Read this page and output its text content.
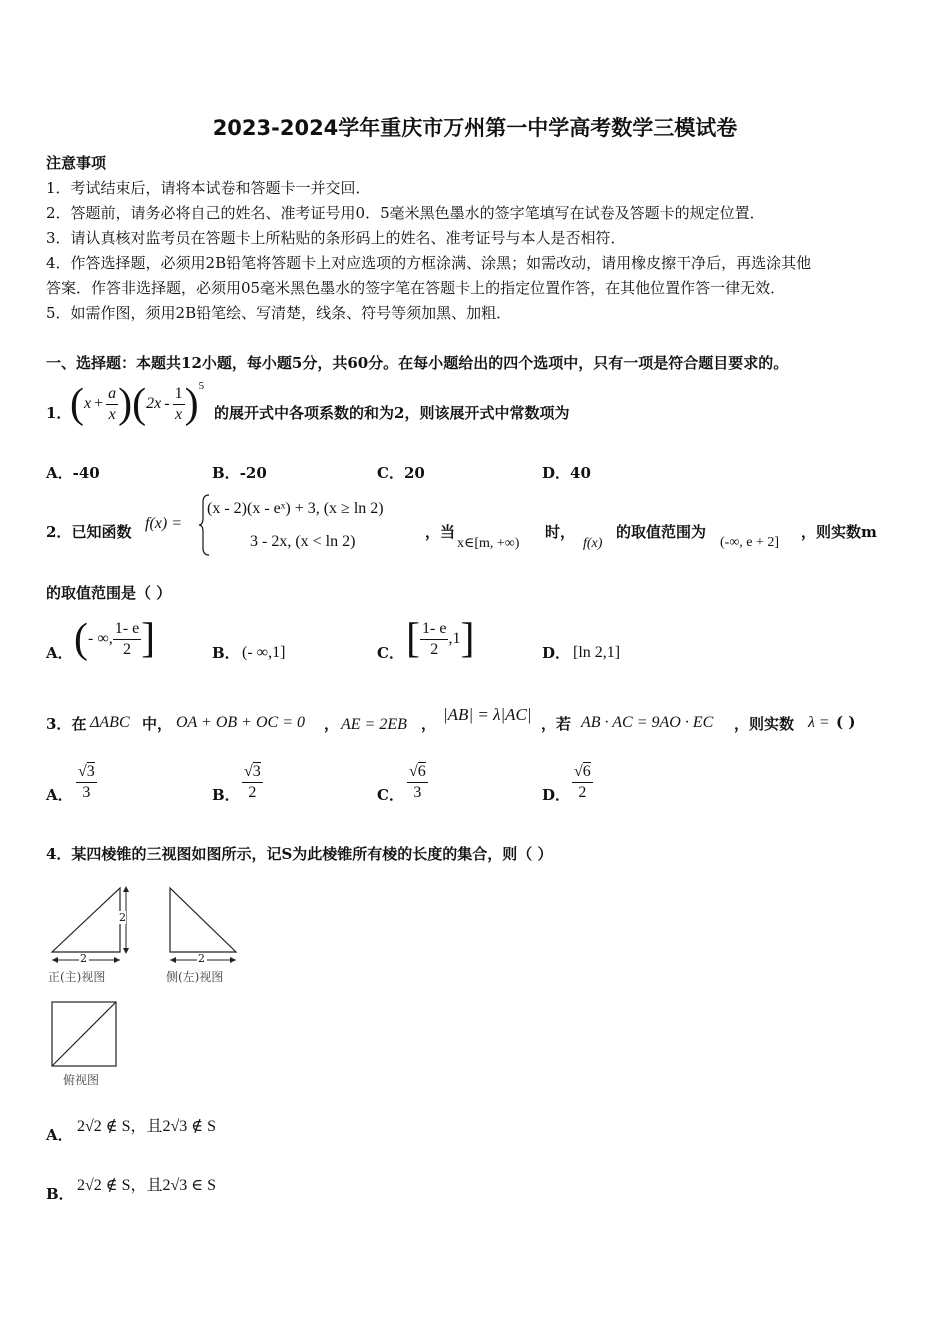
2023-2024学年重庆市万州第一中学高考数学三模试卷
注意事项
1．考试结束后，请将本试卷和答题卡一并交回．
2．答题前，请务必将自己的姓名、准考证号用0．5毫米黑色墨水的签字笔填写在试卷及答题卡的规定位置．
3．请认真核对监考员在答题卡上所粘贴的条形码上的姓名、准考证号与本人是否相符．
4．作答选择题，必须用2B铅笔将答题卡上对应选项的方框涂满、涂黑；如需改动，请用橡皮擦干净后，再选涂其他
答案．作答非选择题，必须用05毫米黑色墨水的签字笔在答题卡上的指定位置作答，在其他位置作答一律无效．
5．如需作图，须用2B铅笔绘、写清楚，线条、符号等须加黑、加粗．
一、选择题：本题共12小题，每小题5分，共60分。在每小题给出的四个选项中，只有一项是符合题目要求的。
1．
( $x + \frac{a}{x}$ ) ( $2x - \frac{1}{x}$ ) 5
的展开式中各项系数的和为2，则该展开式中常数项为
A．-40	B．-20	C．20	D．40
2．已知函数 f(x) =
(x - 2)(x - eˣ) + 3, (x ≥ ln 2)
3 - 2x, (x < ln 2)
，当
x∈[m, +∞)
时，
f(x)
的取值范围为
(-∞, e + 2]
，则实数m
的取值范围是（ ）
A． ( - ∞, $\frac{1- e}{2}$ ]	B． (- ∞,1]	C． [ $\frac{1- e}{2} ,1$ ]	D． [ln 2,1]
3．在 ΔABC 中， OA + OB + OC = 0 ， AE = 2EB ， |AB| = λ|AC| ，若 AB · AC = 9AO · EC ，则实数 λ = ( )
A． $\frac{√3}{3}$	B． $\frac{√3}{2}$	C． $\frac{√6}{3}$	D． $\frac{√6}{2}$
4．某四棱锥的三视图如图所示，记S为此棱锥所有棱的长度的集合，则（ ）
2
2	2
正(主)视图	侧(左)视图
俯视图
A． 2√2 ∉ S，且2√3 ∉ S
B． 2√2 ∉ S，且2√3 ∈ S
